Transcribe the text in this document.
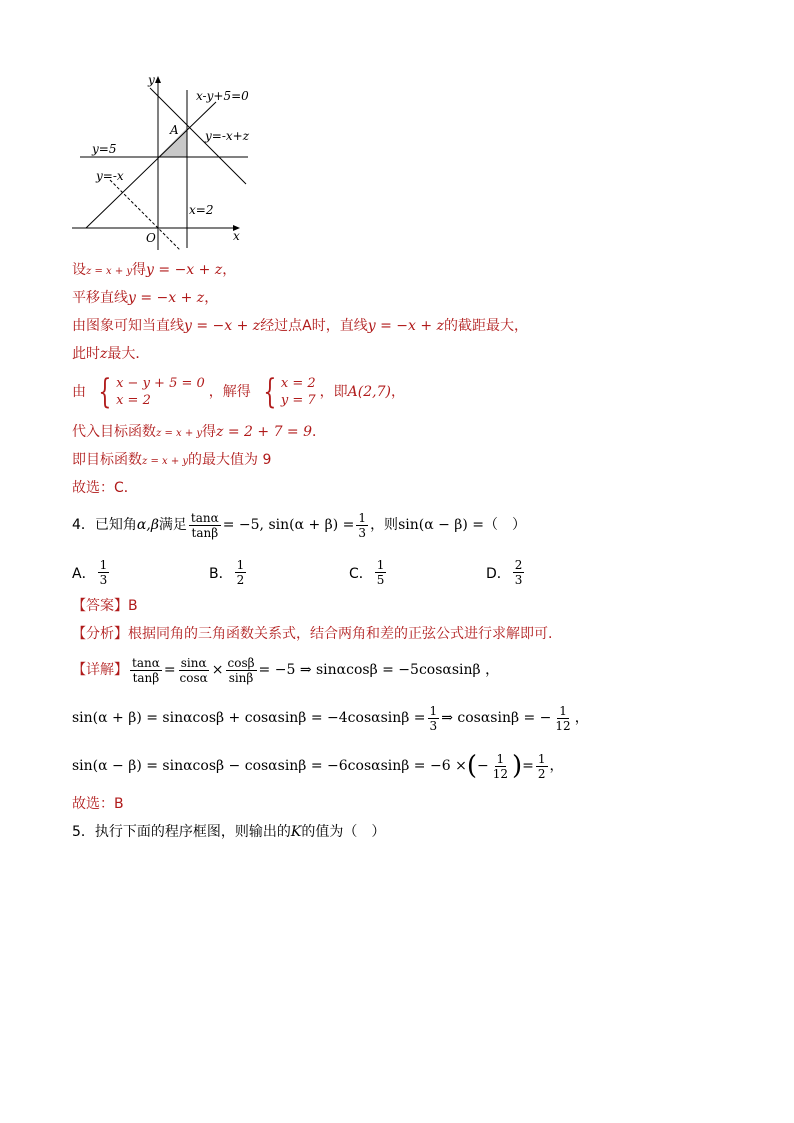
y
x
O
x-y+5=0
A y=-x+z
y=5
y=-x
x=2
设z = x + y得y = −x + z，
平移直线y = −x + z，
由图象可知当直线y = −x + z经过点A时，直线y = −x + z的截距最大，
此时z最大．
由 { x − y + 5 = 0
x = 2
，解得 { x = 2
y = 7
，即A(2,7)，
代入目标函数z = x + y得z = 2 + 7 = 9．
即目标函数z = x + y的最大值为 9
故选：C．
4．已知角α,β满足 $\frac{\tan\alpha}{\tan\beta} = -5$, $\sin(\alpha + \beta) = \frac{1}{3}$ ，则sin(α − β) =（　）
A． $\frac{1}{3}$	B． $\frac{1}{2}$	C． $\frac{1}{5}$	D． $\frac{2}{3}$
【答案】B
【分析】根据同角的三角函数关系式，结合两角和差的正弦公式进行求解即可.
【详解】 $\frac{\tan\alpha}{\tan\beta} = \frac{\sin\alpha}{\cos\alpha} \times \frac{\cos\beta}{\sin\beta} = -5$ ⇒ sinαcosβ = −5cosαsinβ ，
$\sin(\alpha + \beta) = \sin\alpha\cos\beta + \cos\alpha\sin\beta = -4\cos\alpha\sin\beta = \frac{1}{3}$ ⇒ cosαsinβ = − $\frac{1}{12}$ ，
sin(α − β) = sinαcosβ − cosαsinβ = −6cosαsinβ = −6 ×(− $\frac{1}{12}$ )= $\frac{1}{2}$ ，
故选：B
5．执行下面的程序框图，则输出的K的值为（　）
